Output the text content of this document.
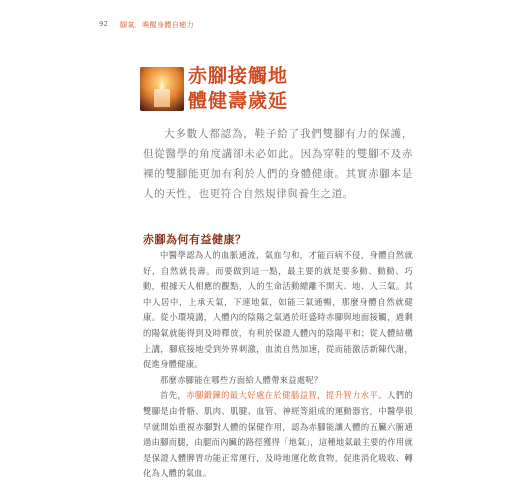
92 腳氣．喚醒身體自癒力
赤腳接觸地
體健壽歲延
大多數人都認為，鞋子給了我們雙腳有力的保護，但從醫學的角度講卻未必如此。因為穿鞋的雙腳不及赤裸的雙腳能更加有利於人們的身體健康。其實赤腳本是人的天性，也更符合自然規律與養生之道。
赤腳為何有益健康？

中醫學認為人的血脈通流，氣血勻和，才能百病不侵，身體自然就好，自然就長壽。而要做到這一點，最主要的就是要多動、動動、巧動，根據天人相應的觀點，人的生命活動總離不開天、地、人三氣。其中人居中，上承天氣，下連地氣，如能三氣通暢，那麼身體自然就健康。從小環境講，人體內的陰陽之氣過於旺盛時赤腳與地面接觸，過剩的陽氣就能得到及時釋放，有利於保證人體內的陰陽平和；從人體結構上講，腳底接地受到外界刺激，血流自然加速，從而能激活新陳代謝，促進身體健康。

那麼赤腳能在哪些方面給人體帶來益處呢？

首先，赤腳鍛鍊的最大好處在於健腦益智，提升智力水平。人們的雙腳是由骨骼、肌肉、肌腱、血管、神經等組成的運動器官，中醫學很早就開始重視赤腳對人體的保健作用，認為赤腳能讓人體的五臟六腑通過由腳而腿，由腿而內臟的路徑獲得「地氣」，這種地氣最主要的作用就是保證人體脾胃功能正常運行，及時地運化飲食物，促進消化吸收、轉化為人體的氣血。
